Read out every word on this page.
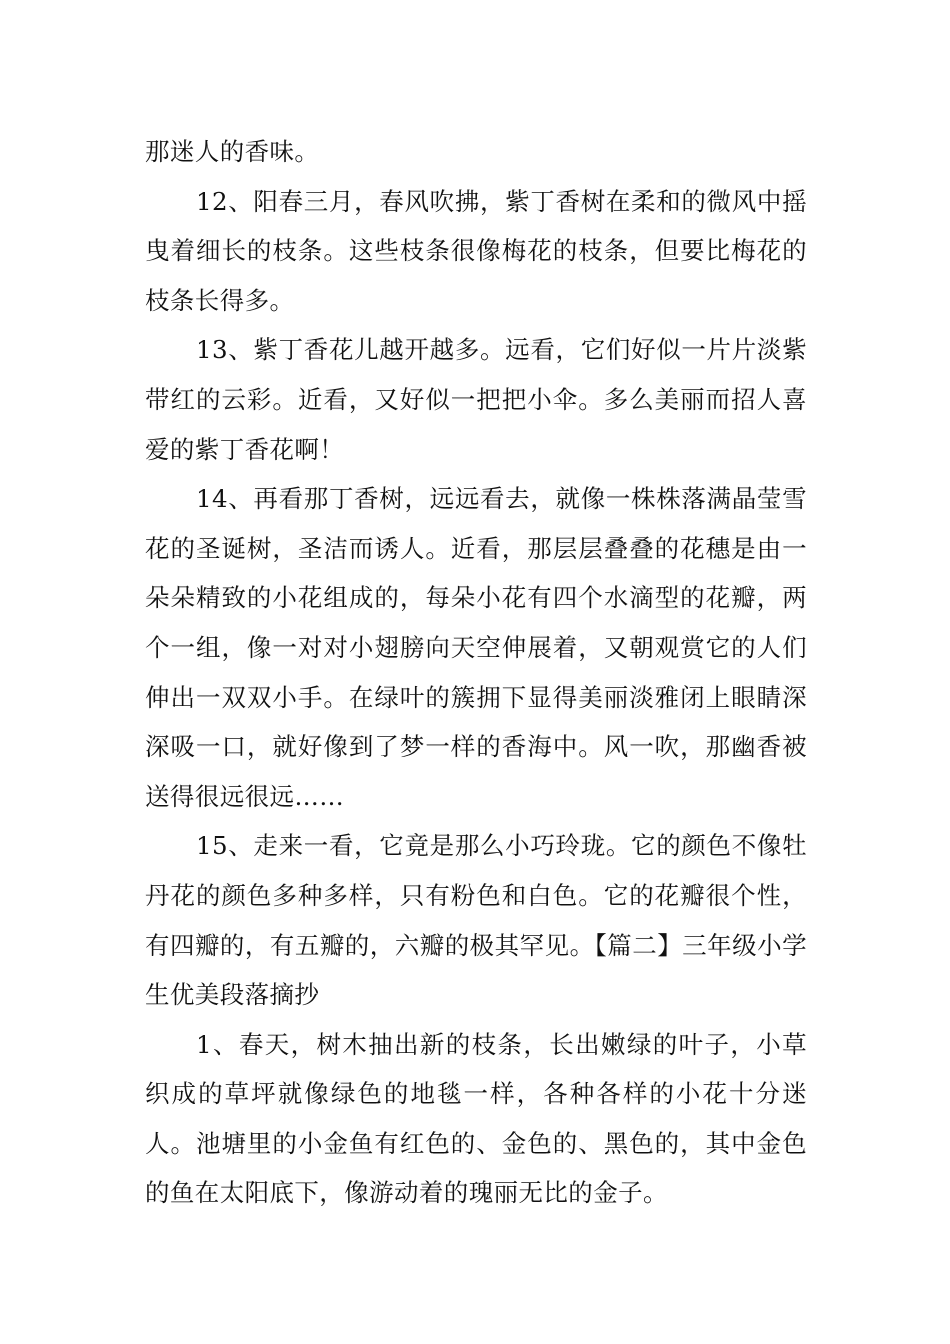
那迷人的香味。

12、阳春三月，春风吹拂，紫丁香树在柔和的微风中摇曳着细长的枝条。这些枝条很像梅花的枝条，但要比梅花的枝条长得多。

13、紫丁香花儿越开越多。远看，它们好似一片片淡紫带红的云彩。近看，又好似一把把小伞。多么美丽而招人喜爱的紫丁香花啊！

14、再看那丁香树，远远看去，就像一株株落满晶莹雪花的圣诞树，圣洁而诱人。近看，那层层叠叠的花穗是由一朵朵精致的小花组成的，每朵小花有四个水滴型的花瓣，两个一组，像一对对小翅膀向天空伸展着，又朝观赏它的人们伸出一双双小手。在绿叶的簇拥下显得美丽淡雅闭上眼睛深深吸一口，就好像到了梦一样的香海中。风一吹，那幽香被送得很远很远……

15、走来一看，它竟是那么小巧玲珑。它的颜色不像牡丹花的颜色多种多样，只有粉色和白色。它的花瓣很个性，有四瓣的，有五瓣的，六瓣的极其罕见。【篇二】三年级小学生优美段落摘抄

1、春天，树木抽出新的枝条，长出嫩绿的叶子，小草织成的草坪就像绿色的地毯一样，各种各样的小花十分迷人。池塘里的小金鱼有红色的、金色的、黑色的，其中金色的鱼在太阳底下，像游动着的瑰丽无比的金子。
